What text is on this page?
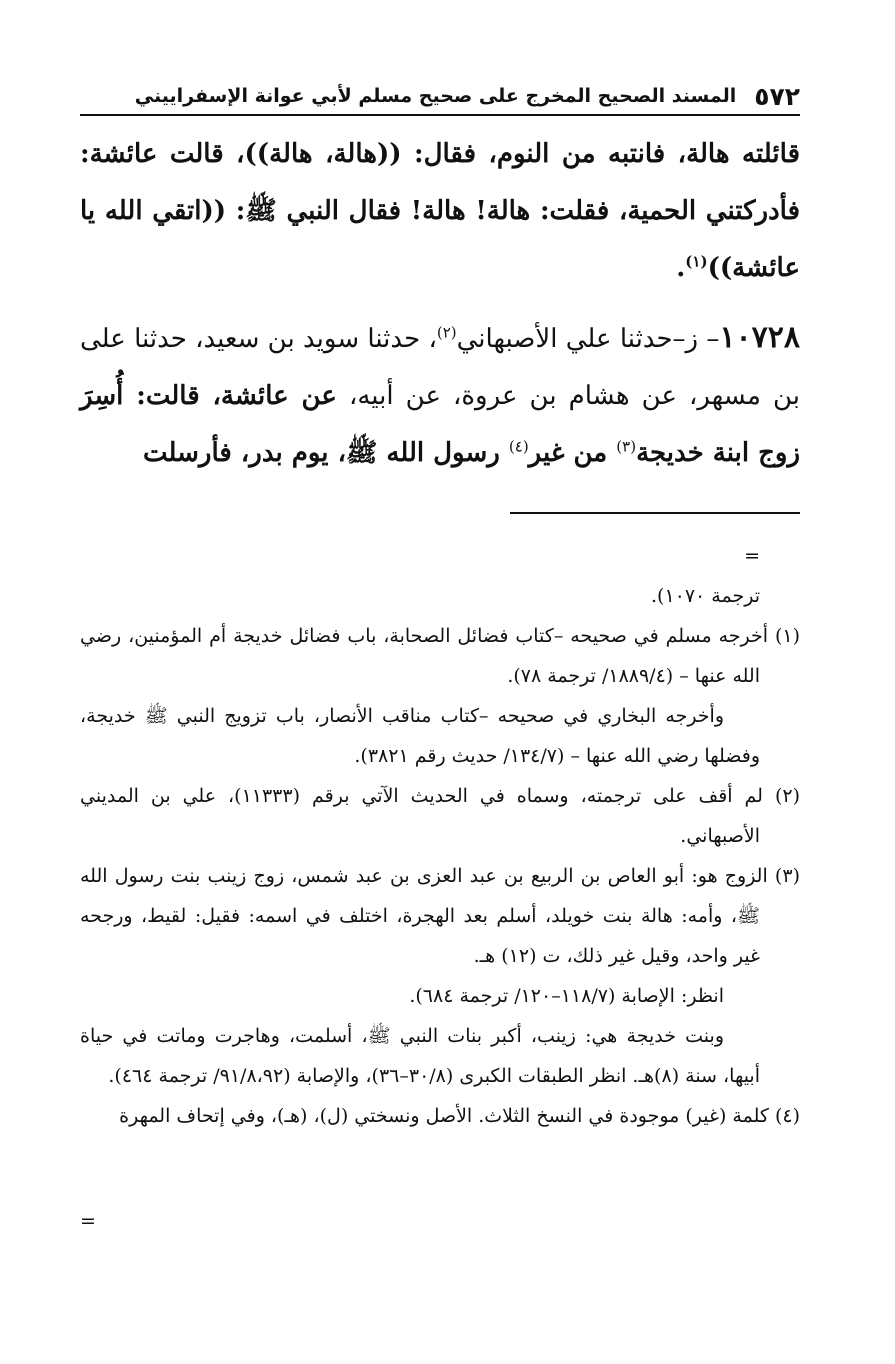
٥٧٢
المسند الصحيح المخرج على صحيح مسلم لأبي عوانة الإسفراييني

قائلته هالة، فانتبه من النوم، فقال: ((هالة، هالة))، قالت عائشة: فأدركتني الحمية، فقلت: هالة! هالة! فقال النبي ﷺ: ((اتقي الله يا عائشة))$^{(١)}$.

١٠٧٢٨– ز–حدثنا علي الأصبهاني$^{(٢)}$، حدثنا سويد بن سعيد، حدثنا على بن مسهر، عن هشام بن عروة، عن أبيه، عن عائشة، قالت: أُسِرَ زوج ابنة خديجة$^{(٣)}$ من غير$^{(٤)}$ رسول الله ﷺ، يوم بدر، فأرسلت

=
ترجمة ١٠٧٠).

(١) أخرجه مسلم في صحيحه –كتاب فضائل الصحابة، باب فضائل خديجة أم المؤمنين، رضي الله عنها – (١٨٨٩/٤/ ترجمة ٧٨).

وأخرجه البخاري في صحيحه –كتاب مناقب الأنصار، باب تزويج النبي ﷺ خديجة، وفضلها رضي الله عنها – (١٣٤/٧/ حديث رقم ٣٨٢١).

(٢) لم أقف على ترجمته، وسماه في الحديث الآتي برقم (١١٣٣٣)، علي بن المديني الأصبهاني.

(٣) الزوج هو: أبو العاص بن الربيع بن عبد العزى بن عبد شمس، زوج زينب بنت رسول الله ﷺ، وأمه: هالة بنت خويلد، أسلم بعد الهجرة، اختلف في اسمه: فقيل: لقيط، ورجحه غير واحد، وقيل غير ذلك، ت (١٢) هـ.

انظر: الإصابة (١١٨/٧–١٢٠/ ترجمة ٦٨٤).

وبنت خديجة هي: زينب، أكبر بنات النبي ﷺ، أسلمت، وهاجرت وماتت في حياة أبيها، سنة (٨)هـ. انظر الطبقات الكبرى (٣٠/٨–٣٦)، والإصابة (٩١/٨،٩٢/ ترجمة ٤٦٤).

(٤) كلمة (غير) موجودة في النسخ الثلاث. الأصل ونسختي (ل)، (هـ)، وفي إتحاف المهرة

=
